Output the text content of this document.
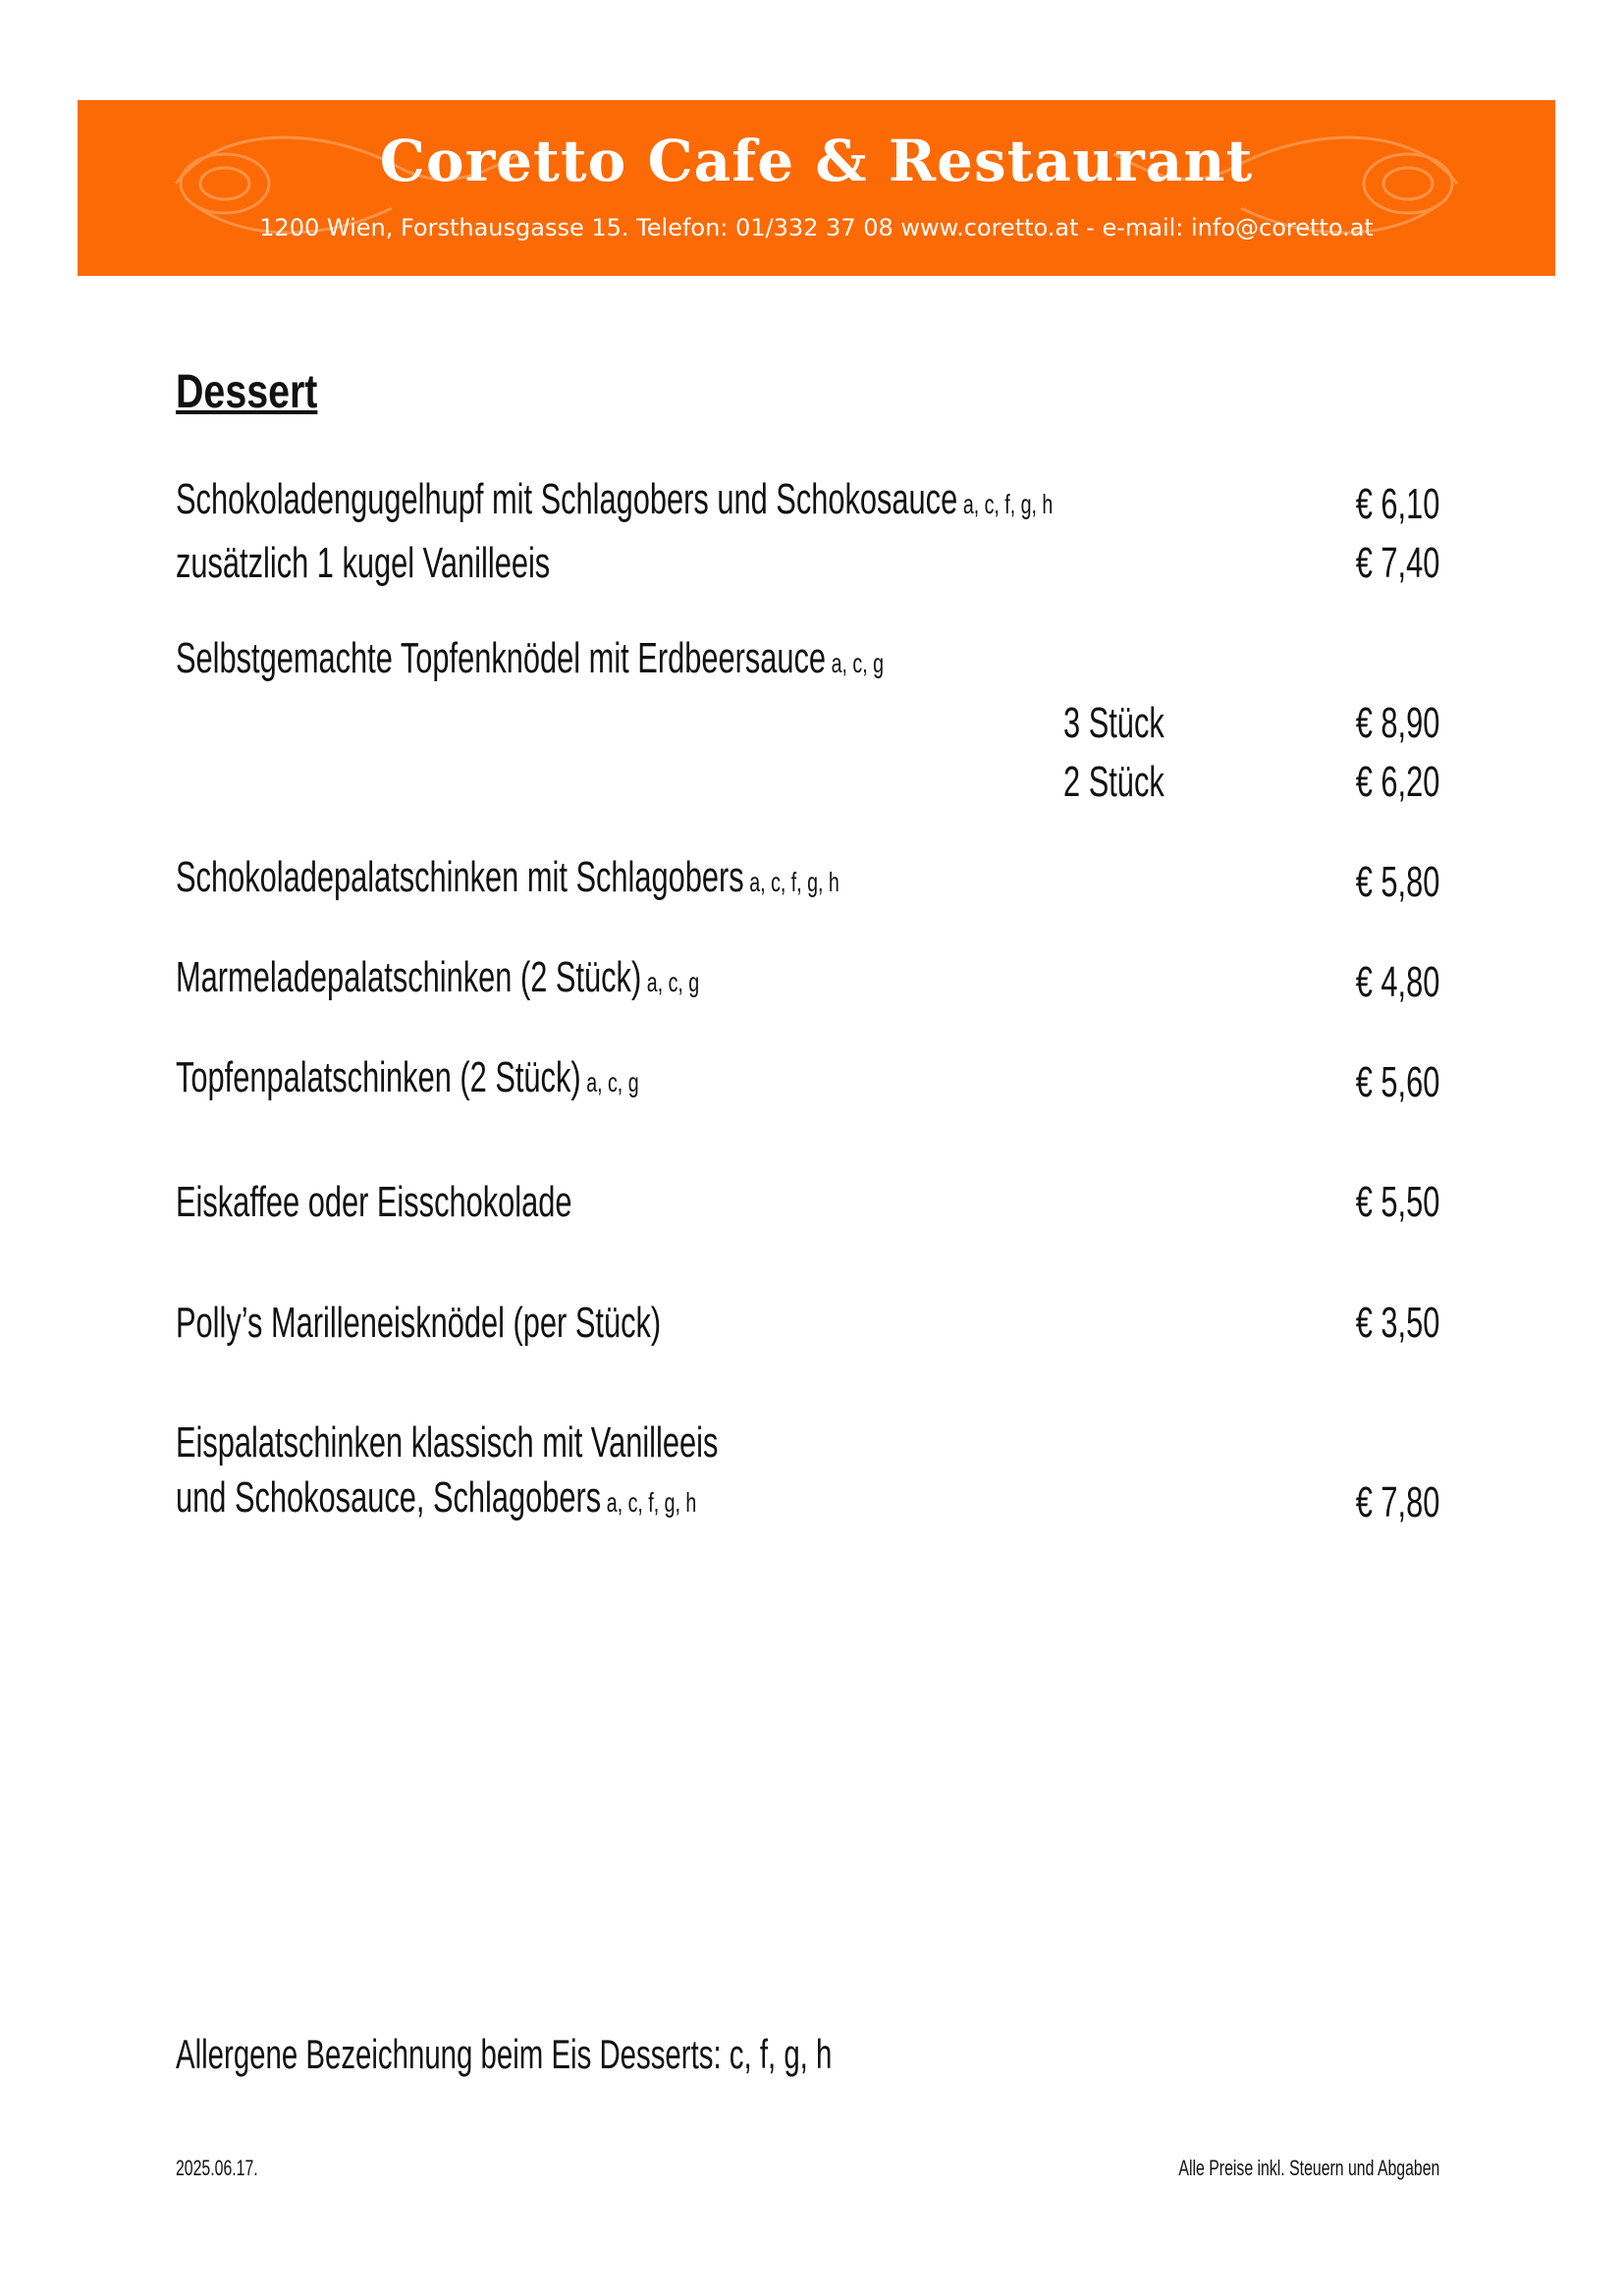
Coretto Cafe & Restaurant
1200 Wien, Forsthausgasse 15. Telefon: 01/332 37 08 www.coretto.at - e-mail: info@coretto.at
Dessert
Schokoladengugelhupf mit Schlagobers und Schokosauce a, c, f, g, h	€ 6,10
zusätzlich 1 kugel Vanilleeis	€ 7,40
Selbstgemachte Topfenknödel mit Erdbeersauce a, c, g
3 Stück	€ 8,90
2 Stück	€ 6,20
Schokoladepalatschinken mit Schlagobers a, c, f, g, h	€ 5,80
Marmeladepalatschinken (2 Stück) a, c, g	€ 4,80
Topfenpalatschinken (2 Stück) a, c, g	€ 5,60
Eiskaffee oder Eisschokolade	€ 5,50
Polly’s Marilleneisknödel (per Stück)	€ 3,50
Eispalatschinken klassisch mit Vanilleeis
und Schokosauce, Schlagobers a, c, f, g, h	€ 7,80
Allergene Bezeichnung beim Eis Desserts: c, f, g, h
2025.06.17.	Alle Preise inkl. Steuern und Abgaben
